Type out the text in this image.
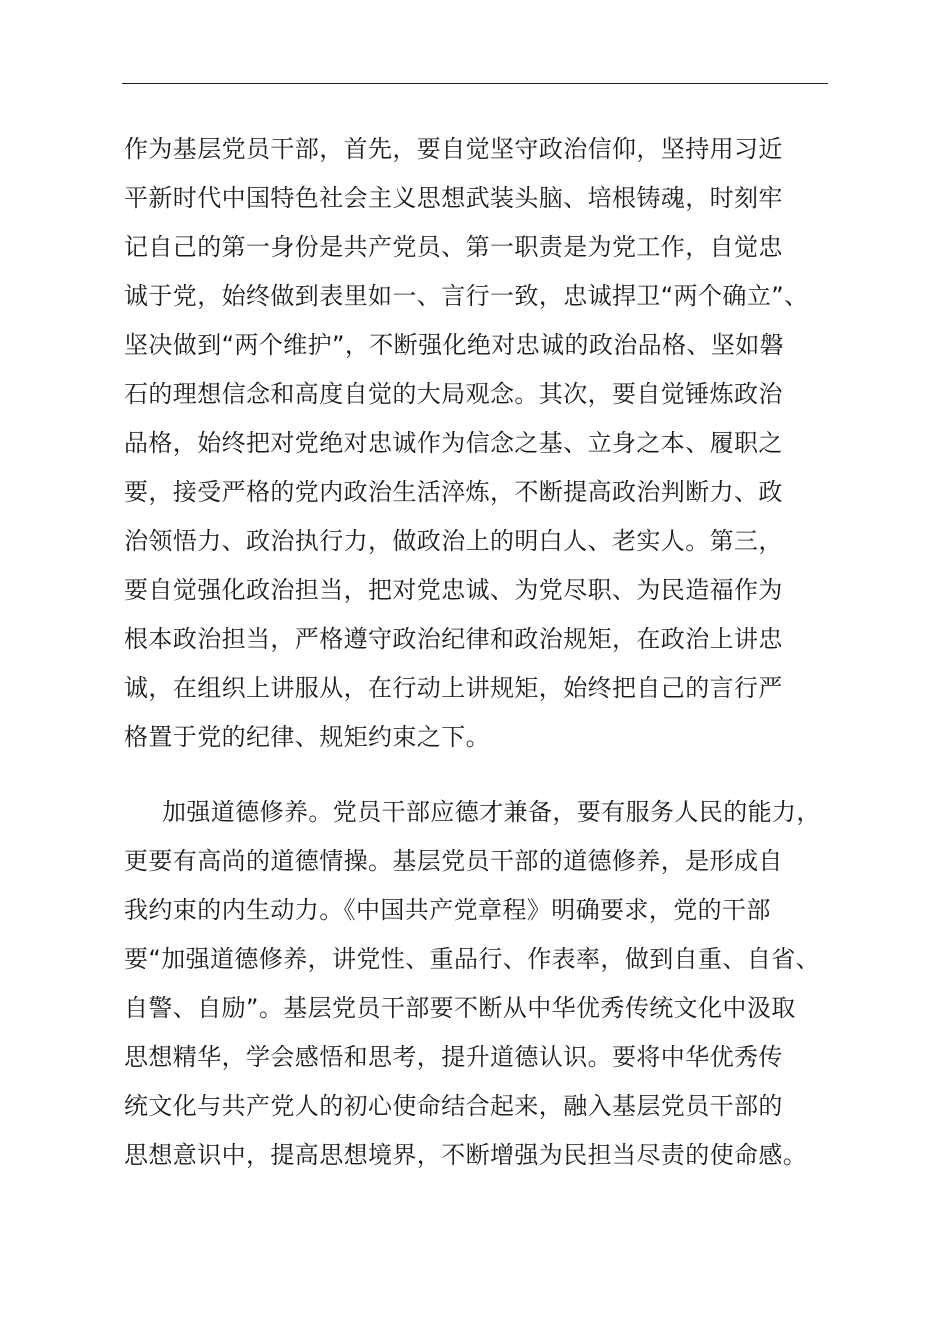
作为基层党员干部，首先，要自觉坚守政治信仰，坚持用习近
平新时代中国特色社会主义思想武装头脑、培根铸魂，时刻牢
记自己的第一身份是共产党员、第一职责是为党工作，自觉忠
诚于党，始终做到表里如一、言行一致，忠诚捍卫“两个确立”、
坚决做到“两个维护”，不断强化绝对忠诚的政治品格、坚如磐
石的理想信念和高度自觉的大局观念。其次，要自觉锤炼政治
品格，始终把对党绝对忠诚作为信念之基、立身之本、履职之
要，接受严格的党内政治生活淬炼，不断提高政治判断力、政
治领悟力、政治执行力，做政治上的明白人、老实人。第三，
要自觉强化政治担当，把对党忠诚、为党尽职、为民造福作为
根本政治担当，严格遵守政治纪律和政治规矩，在政治上讲忠
诚，在组织上讲服从，在行动上讲规矩，始终把自己的言行严
格置于党的纪律、规矩约束之下。
加强道德修养。党员干部应德才兼备，要有服务人民的能力，
更要有高尚的道德情操。基层党员干部的道德修养，是形成自
我约束的内生动力。《中国共产党章程》明确要求，党的干部
要“加强道德修养，讲党性、重品行、作表率，做到自重、自省、
自警、自励”。基层党员干部要不断从中华优秀传统文化中汲取
思想精华，学会感悟和思考，提升道德认识。要将中华优秀传
统文化与共产党人的初心使命结合起来，融入基层党员干部的
思想意识中，提高思想境界，不断增强为民担当尽责的使命感。
